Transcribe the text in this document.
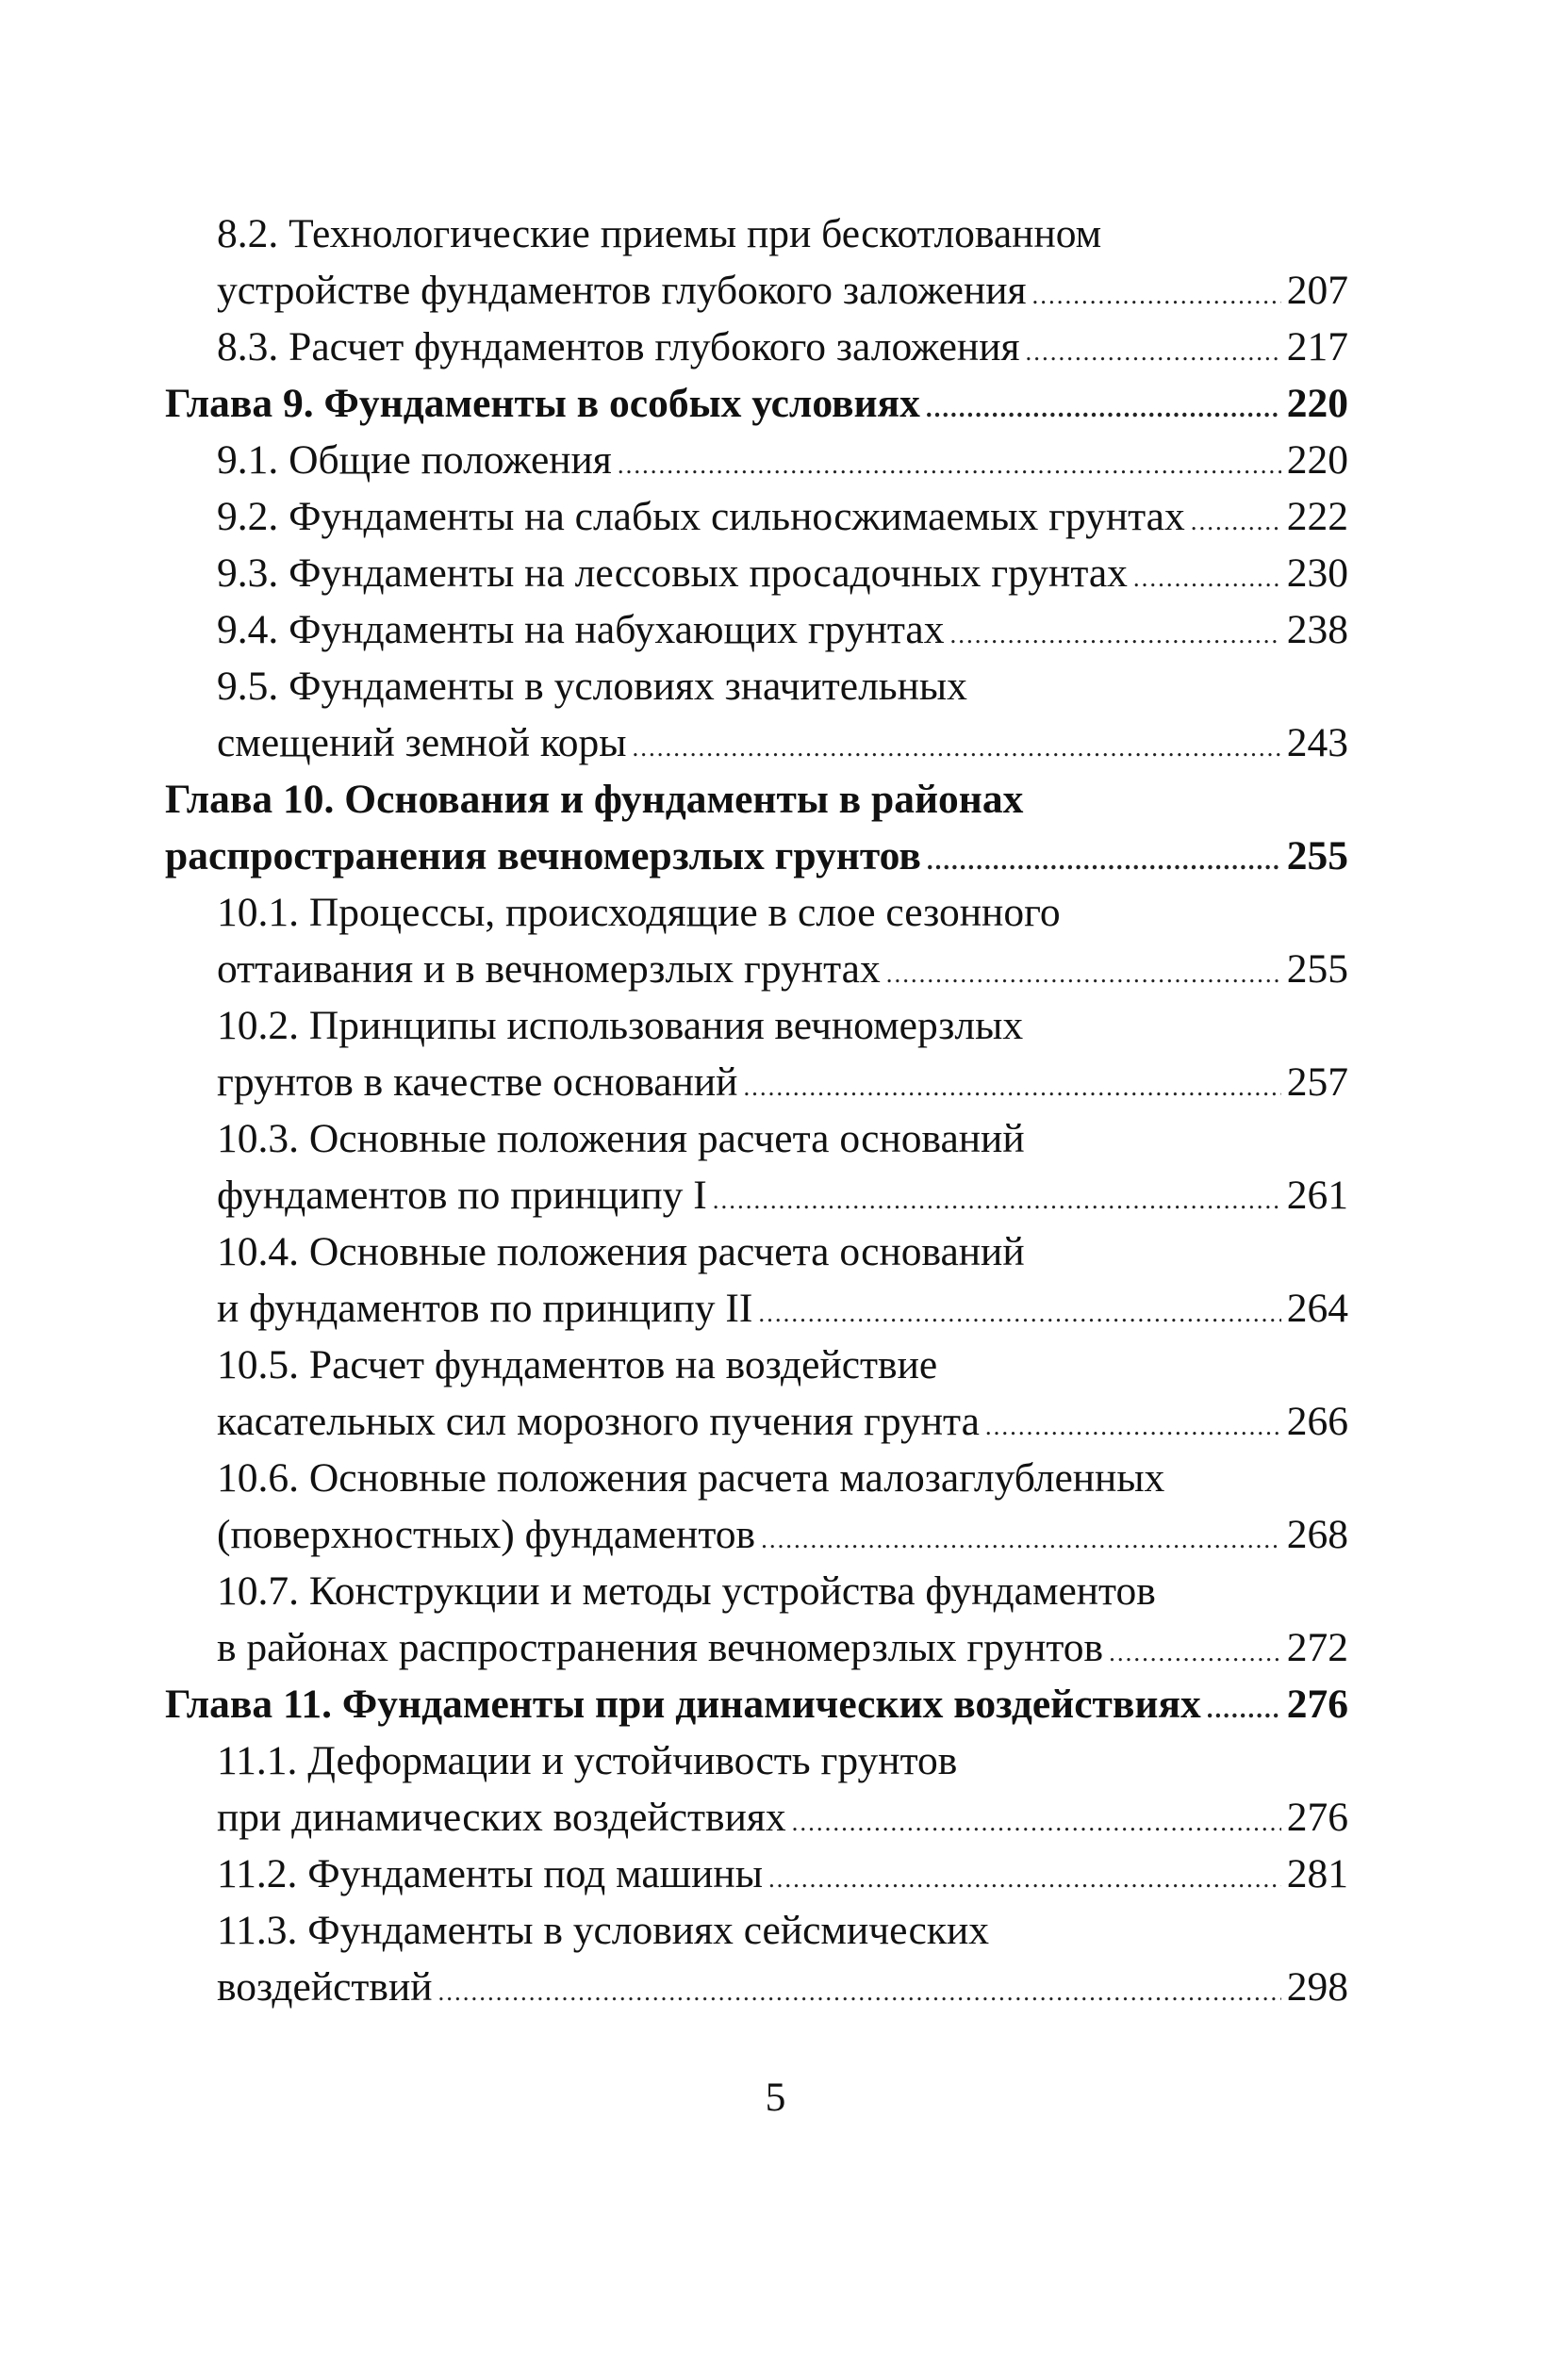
8.2. Технологические приемы при бескотлованном
устройстве фундаментов глубокого заложения .....	207
8.3. Расчет фундаментов глубокого заложения .....	217
Глава 9. Фундаменты в особых условиях .....	220
9.1. Общие положения .....	220
9.2. Фундаменты на слабых сильносжимаемых грунтах ..... 222
9.3. Фундаменты на лессовых просадочных грунтах .....	230
9.4. Фундаменты на набухающих грунтах .....	238
9.5. Фундаменты в условиях значительных
смещений земной коры .....	243
Глава 10. Основания и фундаменты в районах
распространения вечномерзлых грунтов .....	255
10.1. Процессы, происходящие в слое сезонного
оттаивания и в вечномерзлых грунтах .....	255
10.2. Принципы использования вечномерзлых
грунтов в качестве оснований .....	257
10.3. Основные положения расчета оснований
фундаментов по принципу I .....	261
10.4. Основные положения расчета оснований
и фундаментов по принципу II .....	264
10.5. Расчет фундаментов на воздействие
касательных сил морозного пучения грунта .....	266
10.6. Основные положения расчета малозаглубленных
(поверхностных) фундаментов .....	268
10.7. Конструкции и методы устройства фундаментов
в районах распространения вечномерзлых грунтов .....	272
Глава 11. Фундаменты при динамических воздействиях ..... 276
11.1. Деформации и устойчивость грунтов
при динамических воздействиях .....	276
11.2. Фундаменты под машины .....	281
11.3. Фундаменты в условиях сейсмических
воздействий .....	298
5
